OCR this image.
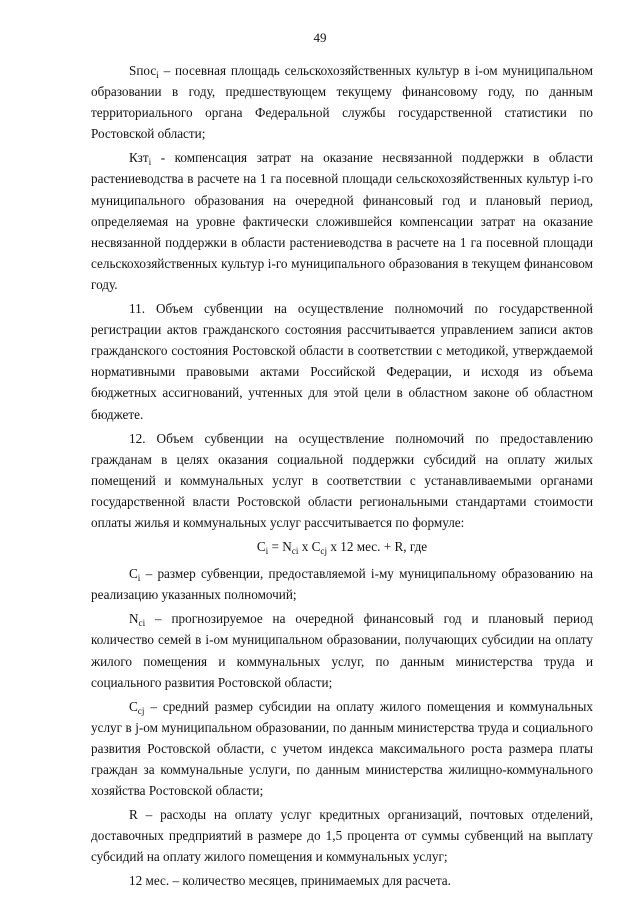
49

Sпос$_i$ – посевная площадь сельскохозяйственных культур в i-ом муниципальном образовании в году, предшествующем текущему финансовому году, по данным территориального органа Федеральной службы государственной статистики по Ростовской области;

Кзт$_i$ - компенсация затрат на оказание несвязанной поддержки в области растениеводства в расчете на 1 га посевной площади сельскохозяйственных культур i-го муниципального образования на очередной финансовый год и плановый период, определяемая на уровне фактически сложившейся компенсации затрат на оказание несвязанной поддержки в области растениеводства в расчете на 1 га посевной площади сельскохозяйственных культур i-го муниципального образования в текущем финансовом году.

11. Объем субвенции на осуществление полномочий по государственной регистрации актов гражданского состояния рассчитывается управлением записи актов гражданского состояния Ростовской области в соответствии с методикой, утверждаемой нормативными правовыми актами Российской Федерации, и исходя из объема бюджетных ассигнований, учтенных для этой цели в областном законе об областном бюджете.

12. Объем субвенции на осуществление полномочий по предоставлению гражданам в целях оказания социальной поддержки субсидий на оплату жилых помещений и коммунальных услуг в соответствии с устанавливаемыми органами государственной власти Ростовской области региональными стандартами стоимости оплаты жилья и коммунальных услуг рассчитывается по формуле:

$C_i = N_{ci}$ x $C_{cj}$ x 12 мес. + R, где

$C_i$ – размер субвенции, предоставляемой i-му муниципальному образованию на реализацию указанных полномочий;

$N_{ci}$ – прогнозируемое на очередной финансовый год и плановый период количество семей в i-ом муниципальном образовании, получающих субсидии на оплату жилого помещения и коммунальных услуг, по данным министерства труда и социального развития Ростовской области;

$C_{cj}$ – средний размер субсидии на оплату жилого помещения и коммунальных услуг в j-ом муниципальном образовании, по данным министерства труда и социального развития Ростовской области, с учетом индекса максимального роста размера платы граждан за коммунальные услуги, по данным министерства жилищно-коммунального хозяйства Ростовской области;

R – расходы на оплату услуг кредитных организаций, почтовых отделений, доставочных предприятий в размере до 1,5 процента от суммы субвенций на выплату субсидий на оплату жилого помещения и коммунальных услуг;

12 мес. – количество месяцев, принимаемых для расчета.
